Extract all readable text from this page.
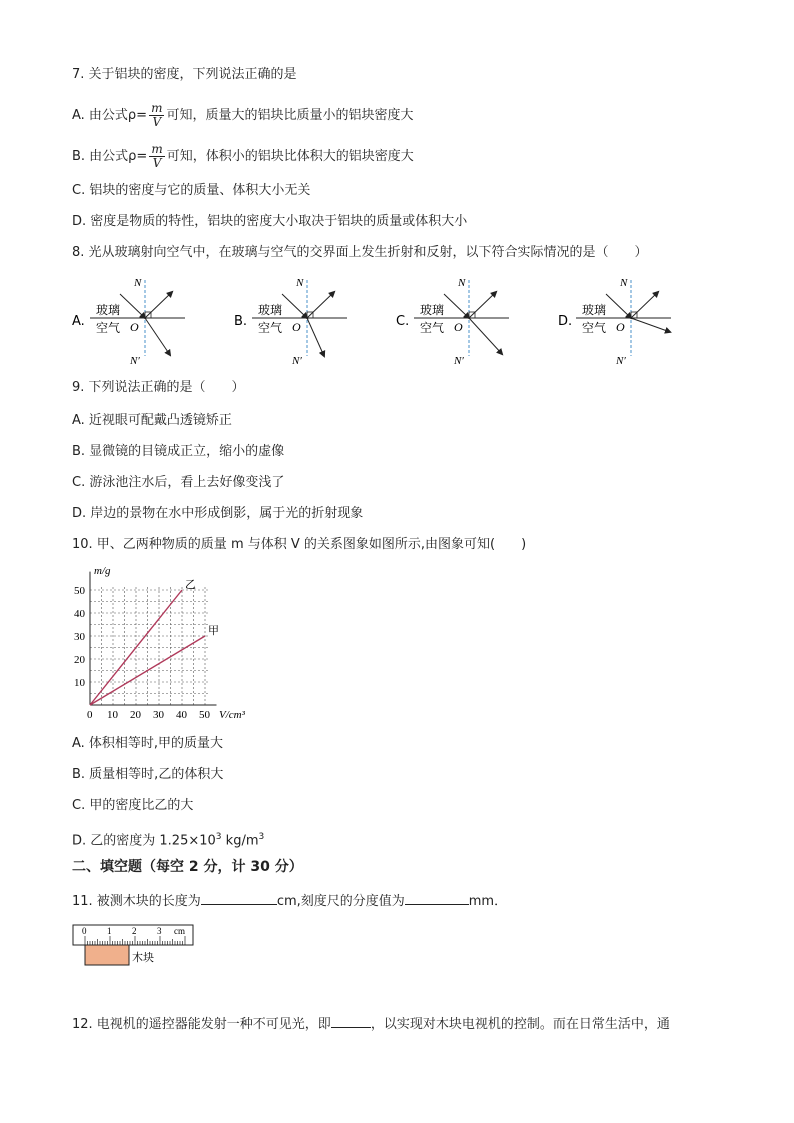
7. 关于铝块的密度，下列说法正确的是
A. 由公式$\rho= \frac{m}{V}$ 可知，质量大的铝块比质量小的铝块密度大
B. 由公式$\rho= \frac{m}{V}$ 可知，体积小的铝块比体积大的铝块密度大
C. 铝块的密度与它的质量、体积大小无关
D. 密度是物质的特性，铝块的密度大小取决于铝块的质量或体积大小
8. 光从玻璃射向空气中，在玻璃与空气的交界面上发生折射和反射，以下符合实际情况的是（　　）
A.
玻璃
空气
N
N′
O	B.
玻璃
空气
N
N′
O	C.
玻璃
空气
N
N′
O	D.
玻璃
空气
N
N′
O
9. 下列说法正确的是（　　）
A. 近视眼可配戴凸透镜矫正
B. 显微镜的目镜成正立，缩小的虚像
C. 游泳池注水后，看上去好像变浅了
D. 岸边的景物在水中形成倒影，属于光的折射现象
10. 甲、乙两种物质的质量 m 与体积 V 的关系图象如图所示,由图象可知(　　)
0 10 20 30 40 50
10
20
30
40
50	乙
甲
m/g
V/cm³
A. 体积相等时,甲的质量大
B. 质量相等时,乙的体积大
C. 甲的密度比乙的大
D. 乙的密度为 $1.25\times 10^3$ $kg/m^3$
二、填空题（每空 2 分，计 30 分）
11. 被测木块的长度为	cm,刻度尺的分度值为	mm．
0 1 2 3 cm
木块
12. 电视机的遥控器能发射一种不可见光，即	，以实现对木块电视机的控制。而在日常生活中，通
